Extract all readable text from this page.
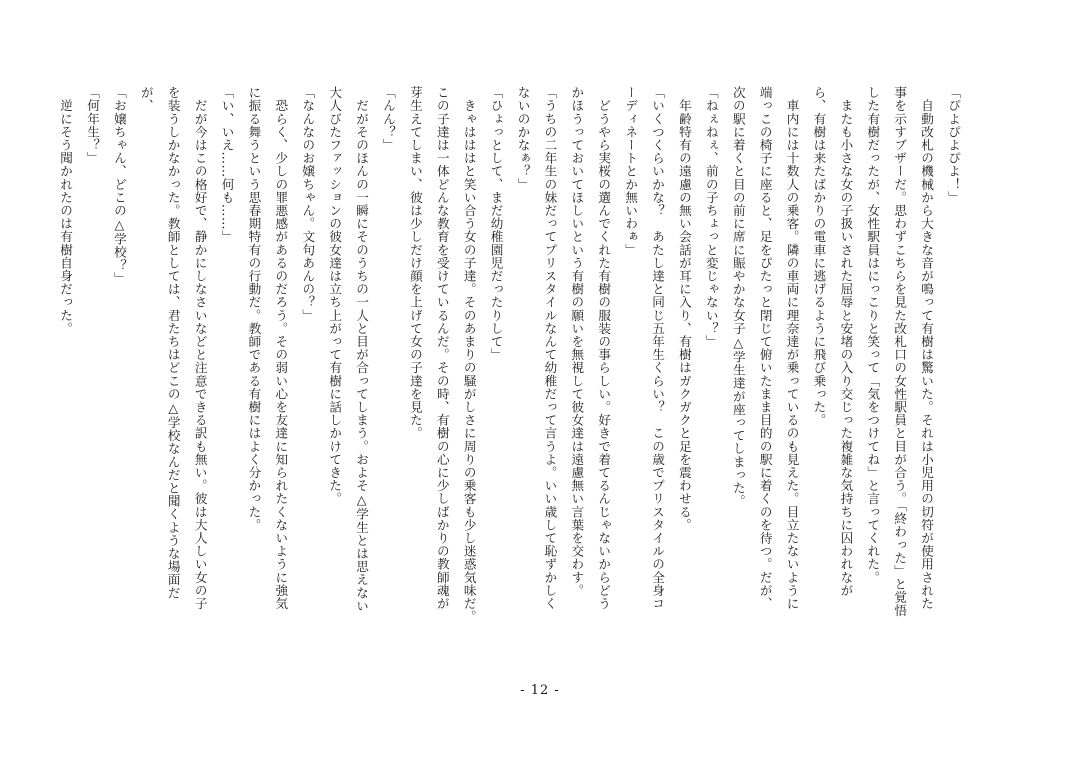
「ぴよぴよぴよ！」
　自動改札の機械から大きな音が鳴って有樹は驚いた。それは小児用の切符が使用された
事を示すブザーだ。思わずこちらを見た改札口の女性駅員と目が合う。「終わった」と覚悟
した有樹だったが、女性駅員はにっこりと笑って「気をつけてね」と言ってくれた。
　またも小さな女の子扱いされた屈辱と安堵の入り交じった複雑な気持ちに囚われなが
ら、有樹は来たばかりの電車に逃げるように飛び乗った。
　車内には十数人の乗客。隣の車両に理奈達が乗っているのも見えた。目立たないように
端っこの椅子に座ると、足をぴたっと閉じて俯いたまま目的の駅に着くのを待つ。だが、
次の駅に着くと目の前に席に賑やかな女子△学生達が座ってしまった。
「ねぇねぇ、前の子ちょっと変じゃない？」
　年齢特有の遠慮の無い会話が耳に入り、有樹はガクガクと足を震わせる。
「いくつくらいかな？　あたし達と同じ五年生くらい？　この歳でプリスタイルの全身コ
ーディネートとか無いわぁ」
　どうやら実桜の選んでくれた有樹の服装の事らしい。好きで着てるんじゃないからどう
かほうっておいてほしいという有樹の願いを無視して彼女達は遠慮無い言葉を交わす。
「うちの二年生の妹だってプリスタイルなんて幼稚だって言うよ。いい歳して恥ずかしく
ないのかなぁ？」
「ひょっとして、まだ幼稚園児だったりして」
　きゃはははと笑い合う女の子達。そのあまりの騒がしさに周りの乗客も少し迷惑気味だ。
この子達は一体どんな教育を受けているんだ。その時、有樹の心に少しばかりの教師魂が
芽生えてしまい、彼は少しだけ顔を上げて女の子達を見た。
「んん？」
　だがそのほんの一瞬にそのうちの一人と目が合ってしまう。およそ△学生とは思えない
大人びたファッションの彼女達は立ち上がって有樹に話しかけてきた。
「なんなのお嬢ちゃん。文句あんの？」
　恐らく、少しの罪悪感があるのだろう。その弱い心を友達に知られたくないように強気
に振る舞うという思春期特有の行動だ。教師である有樹にはよく分かった。
「い、いえ……何も……」
　だが今はこの格好で、静かにしなさいなどと注意できる訳も無い。彼は大人しい女の子
を装うしかなかった。教師としては、君たちはどこの△学校なんだと聞くような場面だ
が、
「お嬢ちゃん、どこの△学校？」
「何年生？」
　逆にそう聞かれたのは有樹自身だった。
- 12 -
